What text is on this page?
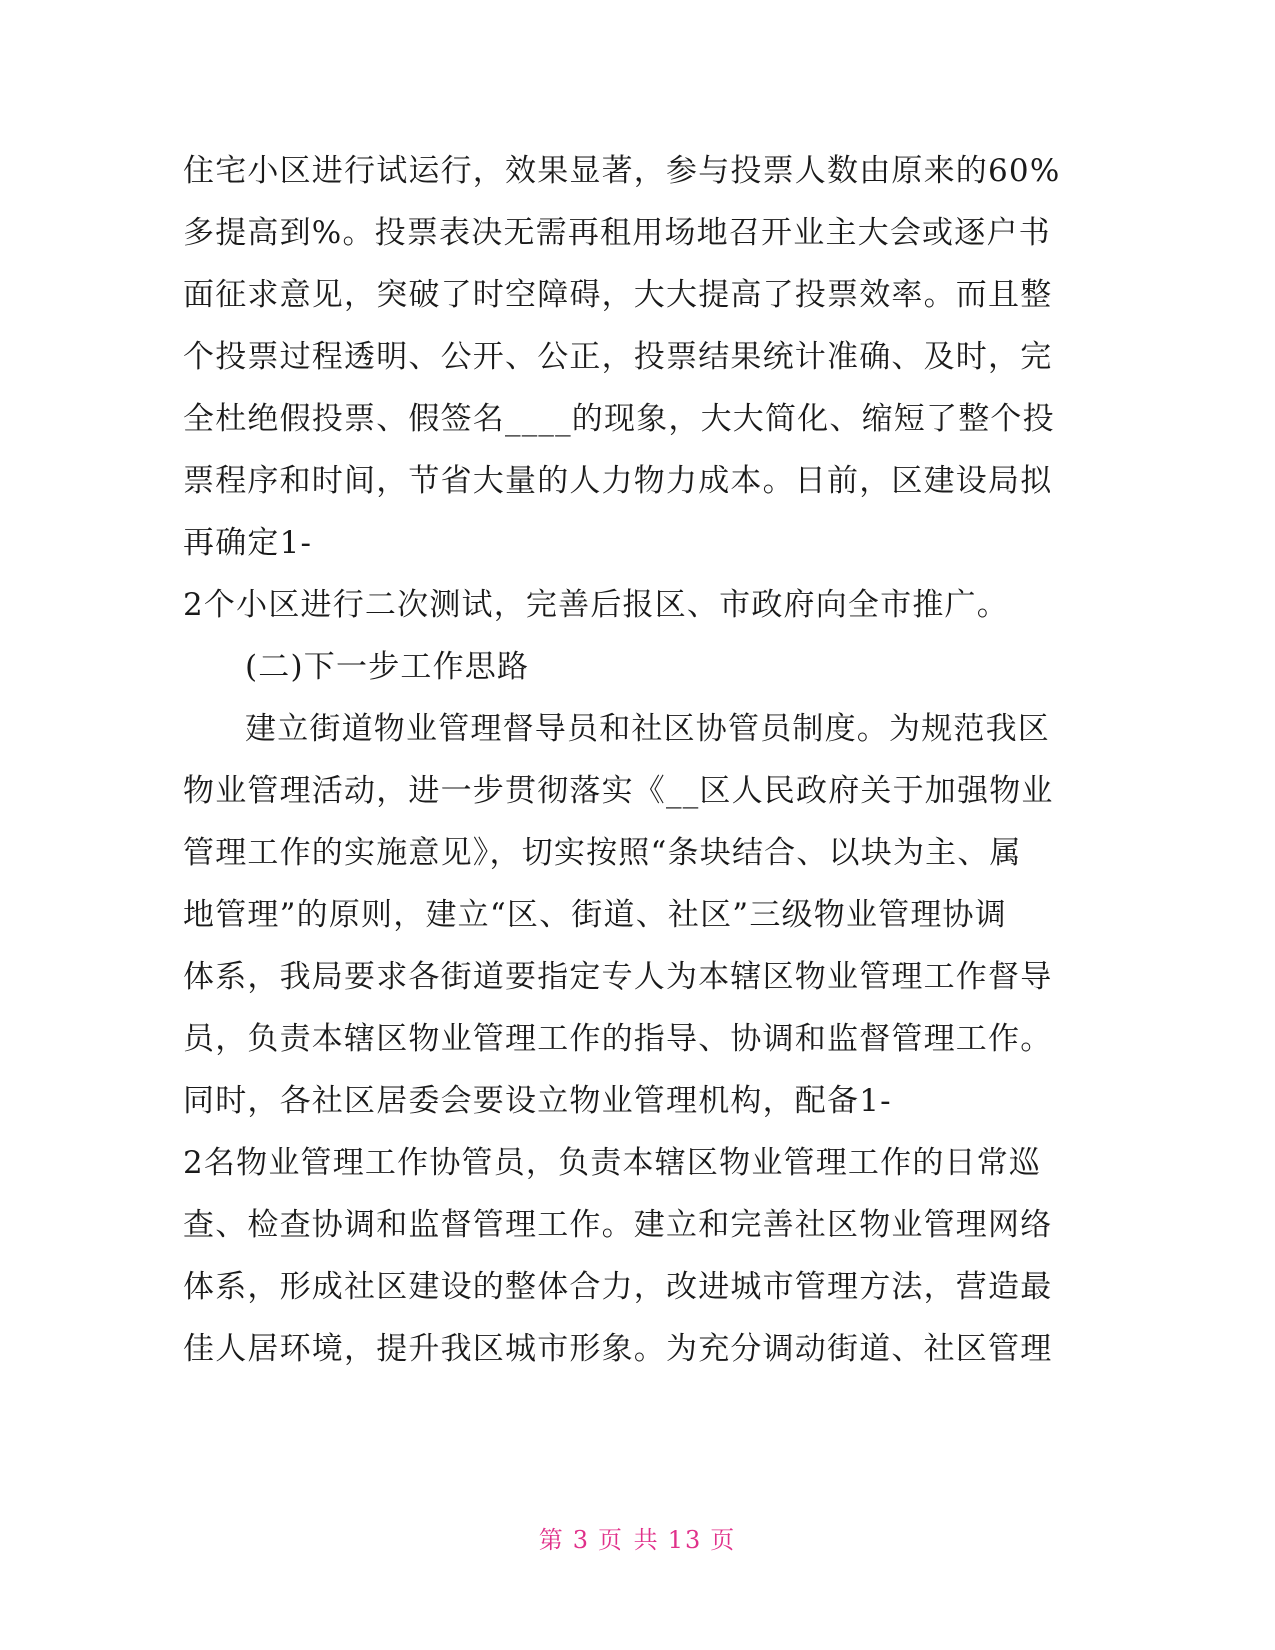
住宅小区进行试运行，效果显著，参与投票人数由原来的60%
多提高到%。投票表决无需再租用场地召开业主大会或逐户书
面征求意见，突破了时空障碍，大大提高了投票效率。而且整
个投票过程透明、公开、公正，投票结果统计准确、及时，完
全杜绝假投票、假签名____的现象，大大简化、缩短了整个投
票程序和时间，节省大量的人力物力成本。日前，区建设局拟
再确定1-
2个小区进行二次测试，完善后报区、市政府向全市推广。
(二)下一步工作思路
建立街道物业管理督导员和社区协管员制度。为规范我区
物业管理活动，进一步贯彻落实《__区人民政府关于加强物业
管理工作的实施意见》，切实按照“条块结合、以块为主、属
地管理”的原则，建立“区、街道、社区”三级物业管理协调
体系，我局要求各街道要指定专人为本辖区物业管理工作督导
员，负责本辖区物业管理工作的指导、协调和监督管理工作。
同时，各社区居委会要设立物业管理机构，配备1-
2名物业管理工作协管员，负责本辖区物业管理工作的日常巡
查、检查协调和监督管理工作。建立和完善社区物业管理网络
体系，形成社区建设的整体合力，改进城市管理方法，营造最
佳人居环境，提升我区城市形象。为充分调动街道、社区管理
第 3 页 共 13 页
